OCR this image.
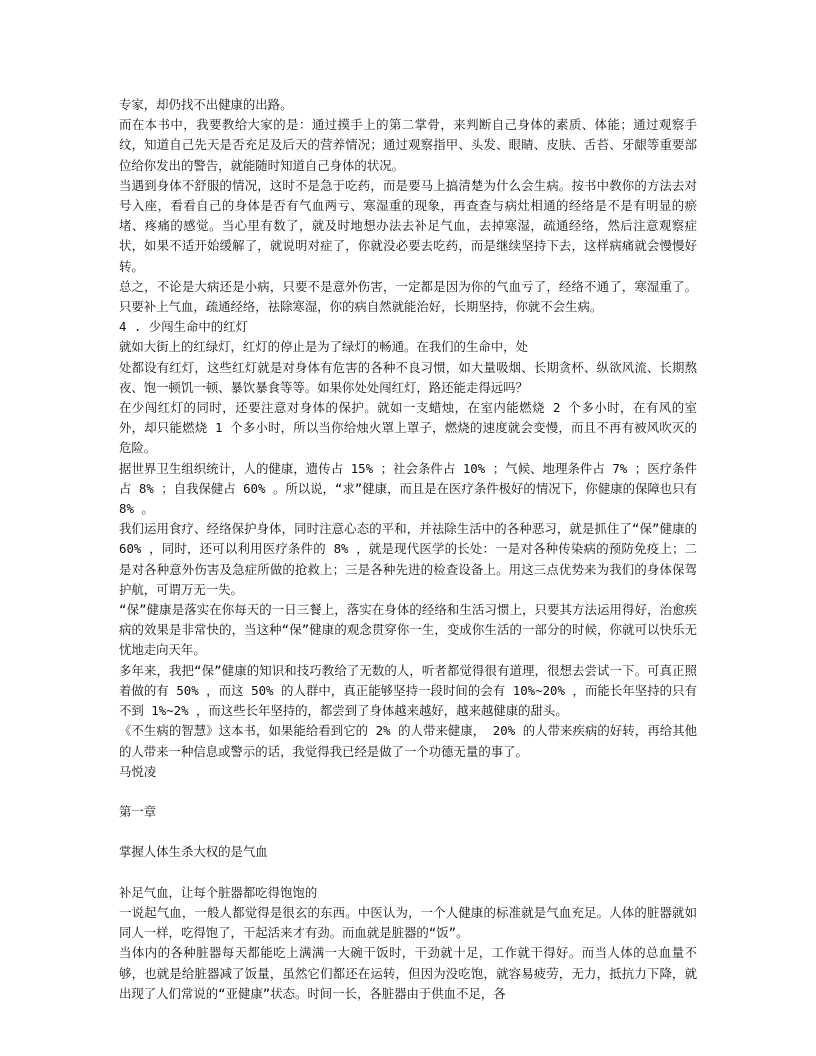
专家，却仍找不出健康的出路。

而在本书中，我要教给大家的是：通过摸手上的第二掌骨，来判断自己身体的素质、体能；通过观察手纹，知道自己先天是否充足及后天的营养情况；通过观察指甲、头发、眼睛、皮肤、舌苔、牙龈等重要部位给你发出的警告，就能随时知道自己身体的状况。

当遇到身体不舒服的情况，这时不是急于吃药，而是要马上搞清楚为什么会生病。按书中教你的方法去对号入座，看看自己的身体是否有气血两亏、寒湿重的现象，再查查与病灶相通的经络是不是有明显的瘀堵、疼痛的感觉。当心里有数了，就及时地想办法去补足气血，去掉寒湿，疏通经络，然后注意观察症状，如果不适开始缓解了，就说明对症了，你就没必要去吃药，而是继续坚持下去，这样病痛就会慢慢好转。

总之，不论是大病还是小病，只要不是意外伤害，一定都是因为你的气血亏了，经络不通了，寒湿重了。只要补上气血，疏通经络，祛除寒湿，你的病自然就能治好，长期坚持，你就不会生病。

4 . 少闯生命中的红灯

就如大街上的红绿灯，红灯的停止是为了绿灯的畅通。在我们的生命中，处

处都设有红灯，这些红灯就是对身体有危害的各种不良习惯，如大量吸烟、长期贪杯、纵欲风流、长期熬夜、饱一顿饥一顿、暴饮暴食等等。如果你处处闯红灯，路还能走得远吗？

在少闯红灯的同时，还要注意对身体的保护。就如一支蜡烛，在室内能燃烧 2 个多小时，在有风的室外，却只能燃烧 1 个多小时，所以当你给烛火罩上罩子，燃烧的速度就会变慢，而且不再有被风吹灭的危险。

据世界卫生组织统计，人的健康，遗传占 15% ；社会条件占 10% ；气候、地理条件占 7% ；医疗条件占 8% ；自我保健占 60% 。所以说，“求”健康，而且是在医疗条件极好的情况下，你健康的保障也只有 8% 。

我们运用食疗、经络保护身体，同时注意心态的平和，并祛除生活中的各种恶习，就是抓住了“保”健康的 60% ，同时，还可以利用医疗条件的 8% ，就是现代医学的长处：一是对各种传染病的预防免疫上；二是对各种意外伤害及急症所做的抢救上；三是各种先进的检查设备上。用这三点优势来为我们的身体保驾护航，可谓万无一失。

“保”健康是落实在你每天的一日三餐上，落实在身体的经络和生活习惯上，只要其方法运用得好，治愈疾病的效果是非常快的，当这种“保”健康的观念贯穿你一生，变成你生活的一部分的时候，你就可以快乐无忧地走向天年。

多年来，我把“保”健康的知识和技巧教给了无数的人，听者都觉得很有道理，很想去尝试一下。可真正照着做的有 50% ，而这 50% 的人群中，真正能够坚持一段时间的会有 10%~20% ，而能长年坚持的只有不到 1%~2% ，而这些长年坚持的，都尝到了身体越来越好，越来越健康的甜头。

《不生病的智慧》这本书，如果能给看到它的 2% 的人带来健康， 20% 的人带来疾病的好转，再给其他的人带来一种信息或警示的话，我觉得我已经是做了一个功德无量的事了。

马悦凌

第一章

掌握人体生杀大权的是气血

补足气血，让每个脏器都吃得饱饱的

一说起气血，一般人都觉得是很玄的东西。中医认为，一个人健康的标准就是气血充足。人体的脏器就如同人一样，吃得饱了，干起活来才有劲。而血就是脏器的“饭”。

当体内的各种脏器每天都能吃上满满一大碗干饭时，干劲就十足，工作就干得好。而当人体的总血量不够，也就是给脏器减了饭量，虽然它们都还在运转，但因为没吃饱，就容易疲劳，无力，抵抗力下降，就出现了人们常说的“亚健康”状态。时间一长，各脏器由于供血不足，各
